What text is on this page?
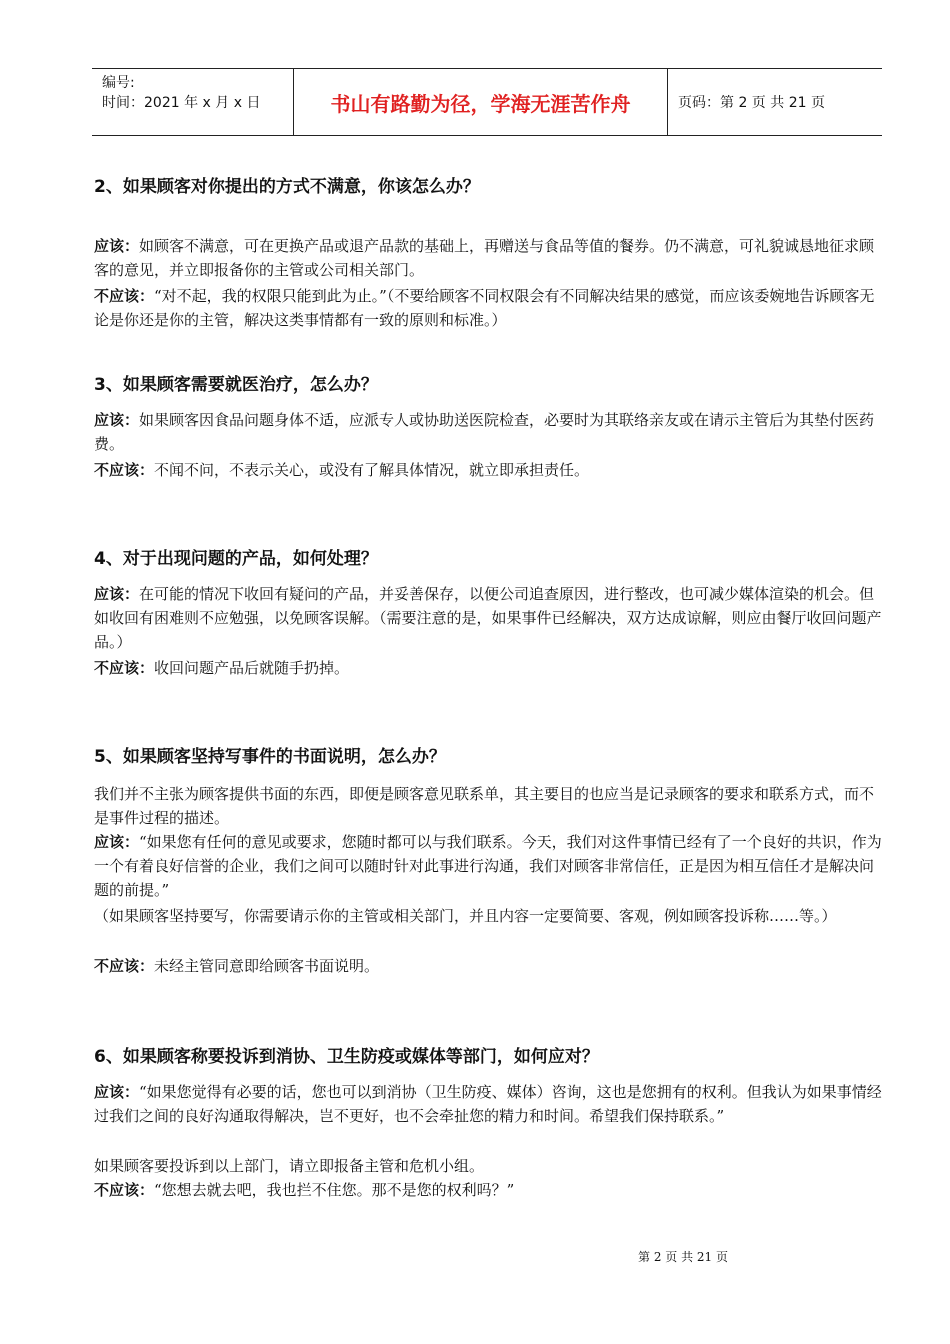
编号:
时间：2021 年 x 月 x 日	书山有路勤为径，学海无涯苦作舟	页码：第 2 页 共 21 页
2、如果顾客对你提出的方式不满意，你该怎么办？
应该：如顾客不满意，可在更换产品或退产品款的基础上，再赠送与食品等值的餐券。仍不满意，可礼貌诚恳地征求顾客的意见，并立即报备你的主管或公司相关部门。
不应该：“对不起，我的权限只能到此为止。”（不要给顾客不同权限会有不同解决结果的感觉，而应该委婉地告诉顾客无论是你还是你的主管，解决这类事情都有一致的原则和标准。）
3、如果顾客需要就医治疗，怎么办？
应该：如果顾客因食品问题身体不适，应派专人或协助送医院检查，必要时为其联络亲友或在请示主管后为其垫付医药费。
不应该：不闻不问，不表示关心，或没有了解具体情况，就立即承担责任。
4、对于出现问题的产品，如何处理？
应该：在可能的情况下收回有疑问的产品，并妥善保存，以便公司追查原因，进行整改，也可减少媒体渲染的机会。但如收回有困难则不应勉强，以免顾客误解。（需要注意的是，如果事件已经解决，双方达成谅解，则应由餐厅收回问题产品。）
不应该：收回问题产品后就随手扔掉。
5、如果顾客坚持写事件的书面说明，怎么办？
我们并不主张为顾客提供书面的东西，即便是顾客意见联系单，其主要目的也应当是记录顾客的要求和联系方式，而不是事件过程的描述。
应该：“如果您有任何的意见或要求，您随时都可以与我们联系。今天，我们对这件事情已经有了一个良好的共识，作为一个有着良好信誉的企业，我们之间可以随时针对此事进行沟通，我们对顾客非常信任，正是因为相互信任才是解决问题的前提。”
（如果顾客坚持要写，你需要请示你的主管或相关部门，并且内容一定要简要、客观，例如顾客投诉称……等。）
不应该：未经主管同意即给顾客书面说明。
6、如果顾客称要投诉到消协、卫生防疫或媒体等部门，如何应对？
应该：“如果您觉得有必要的话，您也可以到消协（卫生防疫、媒体）咨询，这也是您拥有的权利。但我认为如果事情经过我们之间的良好沟通取得解决，岂不更好，也不会牵扯您的精力和时间。希望我们保持联系。”
如果顾客要投诉到以上部门，请立即报备主管和危机小组。
不应该：“您想去就去吧，我也拦不住您。那不是您的权利吗？”
第 2 页 共 21 页
